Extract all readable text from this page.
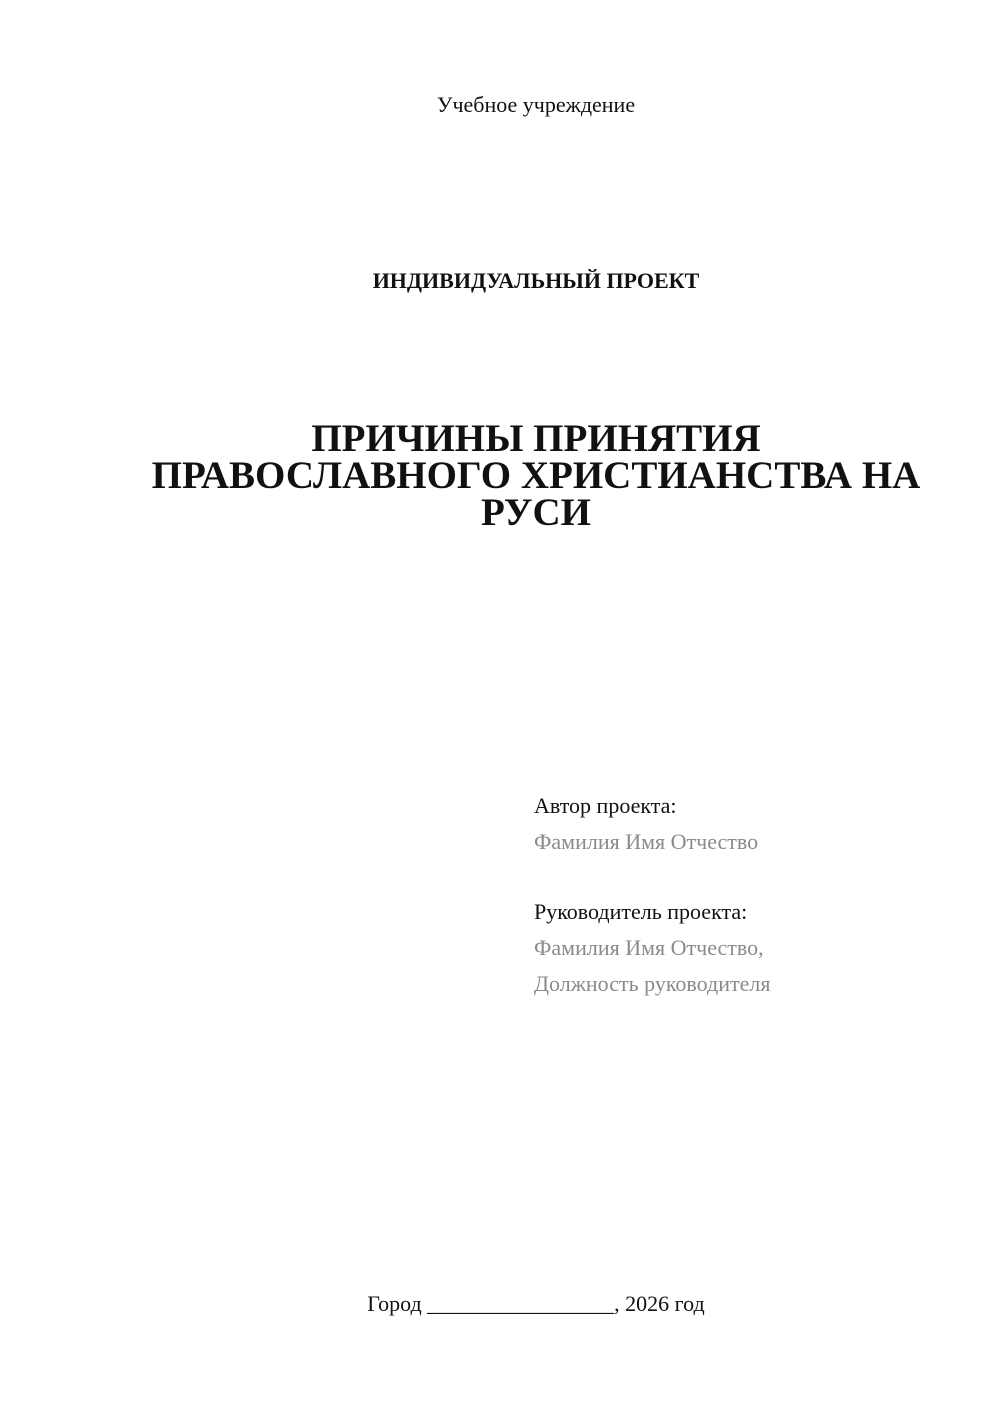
Учебное учреждение
ИНДИВИДУАЛЬНЫЙ ПРОЕКТ
ПРИЧИНЫ ПРИНЯТИЯ
ПРАВОСЛАВНОГО ХРИСТИАНСТВА НА
РУСИ
Автор проекта:
Фамилия Имя Отчество
Руководитель проекта:
Фамилия Имя Отчество,
Должность руководителя
Город _________________, 2026 год
